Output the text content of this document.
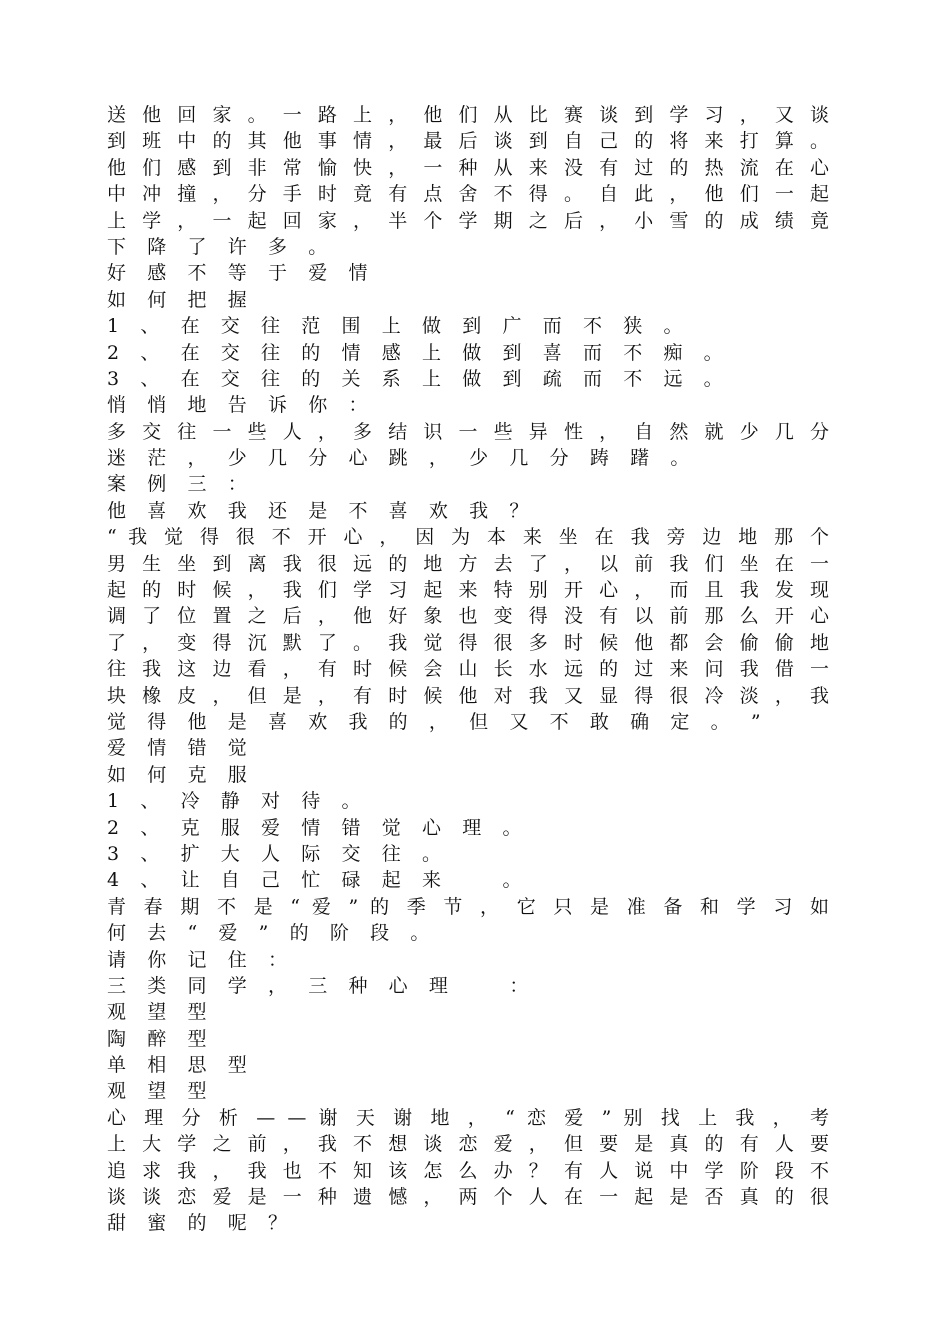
送 他 回 家 。 一 路 上 ， 他 们 从 比 赛 谈 到 学 习 ， 又 谈
到 班 中 的 其 他 事 情 ， 最 后 谈 到 自 己 的 将 来 打 算 。
他 们 感 到 非 常 愉 快 ， 一 种 从 来 没 有 过 的 热 流 在 心
中 冲 撞 ， 分 手 时 竟 有 点 舍 不 得 。 自 此 ， 他 们 一 起
上 学 ， 一 起 回 家 ， 半 个 学 期 之 后 ， 小 雪 的 成 绩 竟
下 降 了 许 多 。
好 感 不 等 于 爱 情
如 何 把 握
1 、 在 交 往 范 围 上 做 到 广 而 不 狭 。
2 、 在 交 往 的 情 感 上 做 到 喜 而 不 痴 。
3 、 在 交 往 的 关 系 上 做 到 疏 而 不 远 。
悄 悄 地 告 诉 你 ：
多 交 往 一 些 人 ， 多 结 识 一 些 异 性 ， 自 然 就 少 几 分
迷 茫 ， 少 几 分 心 跳 ， 少 几 分 踌 躇 。
案 例 三 ：
他 喜 欢 我 还 是 不 喜 欢 我 ？
“ 我 觉 得 很 不 开 心 ， 因 为 本 来 坐 在 我 旁 边 地 那 个
男 生 坐 到 离 我 很 远 的 地 方 去 了 ， 以 前 我 们 坐 在 一
起 的 时 候 ， 我 们 学 习 起 来 特 别 开 心 ， 而 且 我 发 现
调 了 位 置 之 后 ， 他 好 象 也 变 得 没 有 以 前 那 么 开 心
了 ， 变 得 沉 默 了 。 我 觉 得 很 多 时 候 他 都 会 偷 偷 地
往 我 这 边 看 ， 有 时 候 会 山 长 水 远 的 过 来 问 我 借 一
块 橡 皮 ， 但 是 ， 有 时 候 他 对 我 又 显 得 很 冷 淡 ， 我
觉 得 他 是 喜 欢 我 的 ， 但 又 不 敢 确 定 。 ”
爱 情 错 觉
如 何 克 服
1 、 冷 静 对 待 。
2 、 克 服 爱 情 错 觉 心 理 。
3 、 扩 大 人 际 交 往 。
4 、 让 自 己 忙 碌 起 来 　 。
青 春 期 不 是 “ 爱 ” 的 季 节 ， 它 只 是 准 备 和 学 习 如
何 去 “ 爱 ” 的 阶 段 。
请 你 记 住 ：
三 类 同 学 ， 三 种 心 理 　 ：
观 望 型
陶 醉 型
单 相 思 型
观 望 型
心 理 分 析 — — 谢 天 谢 地 ， “ 恋 爱 ” 别 找 上 我 ， 考
上 大 学 之 前 ， 我 不 想 谈 恋 爱 ， 但 要 是 真 的 有 人 要
追 求 我 ， 我 也 不 知 该 怎 么 办 ？ 有 人 说 中 学 阶 段 不
谈 谈 恋 爱 是 一 种 遗 憾 ， 两 个 人 在 一 起 是 否 真 的 很
甜 蜜 的 呢 ？
